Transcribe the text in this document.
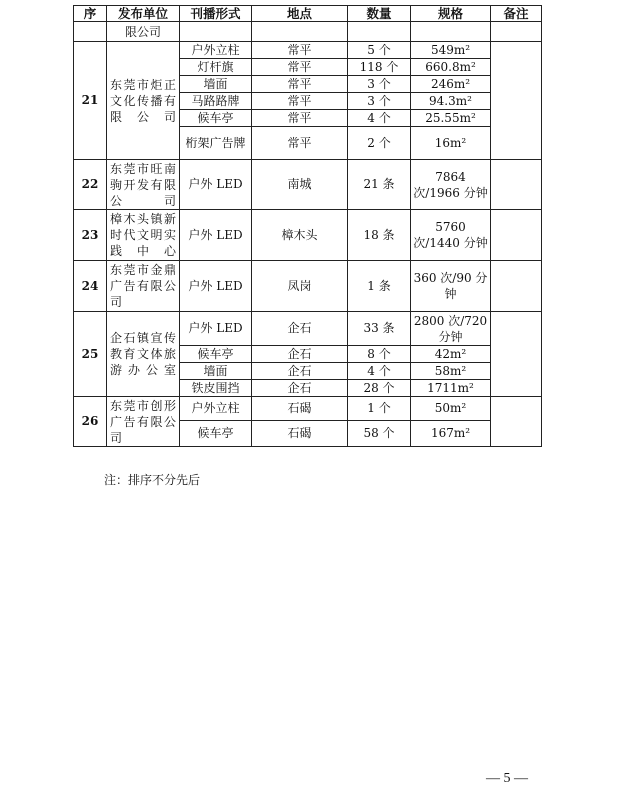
序	发布单位	刊播形式	地点	数量	规格	备注
	限公司					
21	东莞市炬正文化传播有限公司	户外立柱	常平	5 个	549m²	
		灯杆旗	常平	118 个	660.8m²	
		墙面	常平	3 个	246m²	
		马路路牌	常平	3 个	94.3m²	
		候车亭	常平	4 个	25.55m²	
		桁架广告牌	常平	2 个	16m²	
22	东莞市旺南驹开发有限公司	户外 LED	南城	21 条	7864 次/1966 分钟	
23	樟木头镇新时代文明实践中心	户外 LED	樟木头	18 条	5760 次/1440 分钟	
24	东莞市金鼎广告有限公司	户外 LED	凤岗	1 条	360 次/90 分钟	
25	企石镇宣传教育文体旅游办公室	户外 LED	企石	33 条	2800 次/720 分钟	
		候车亭	企石	8 个	42m²	
		墙面	企石	4 个	58m²	
		铁皮围挡	企石	28 个	1711m²	
26	东莞市创形广告有限公司	户外立柱	石碣	1 个	50m²	
		候车亭	石碣	58 个	167m²	
注：排序不分先后
— 5 —
